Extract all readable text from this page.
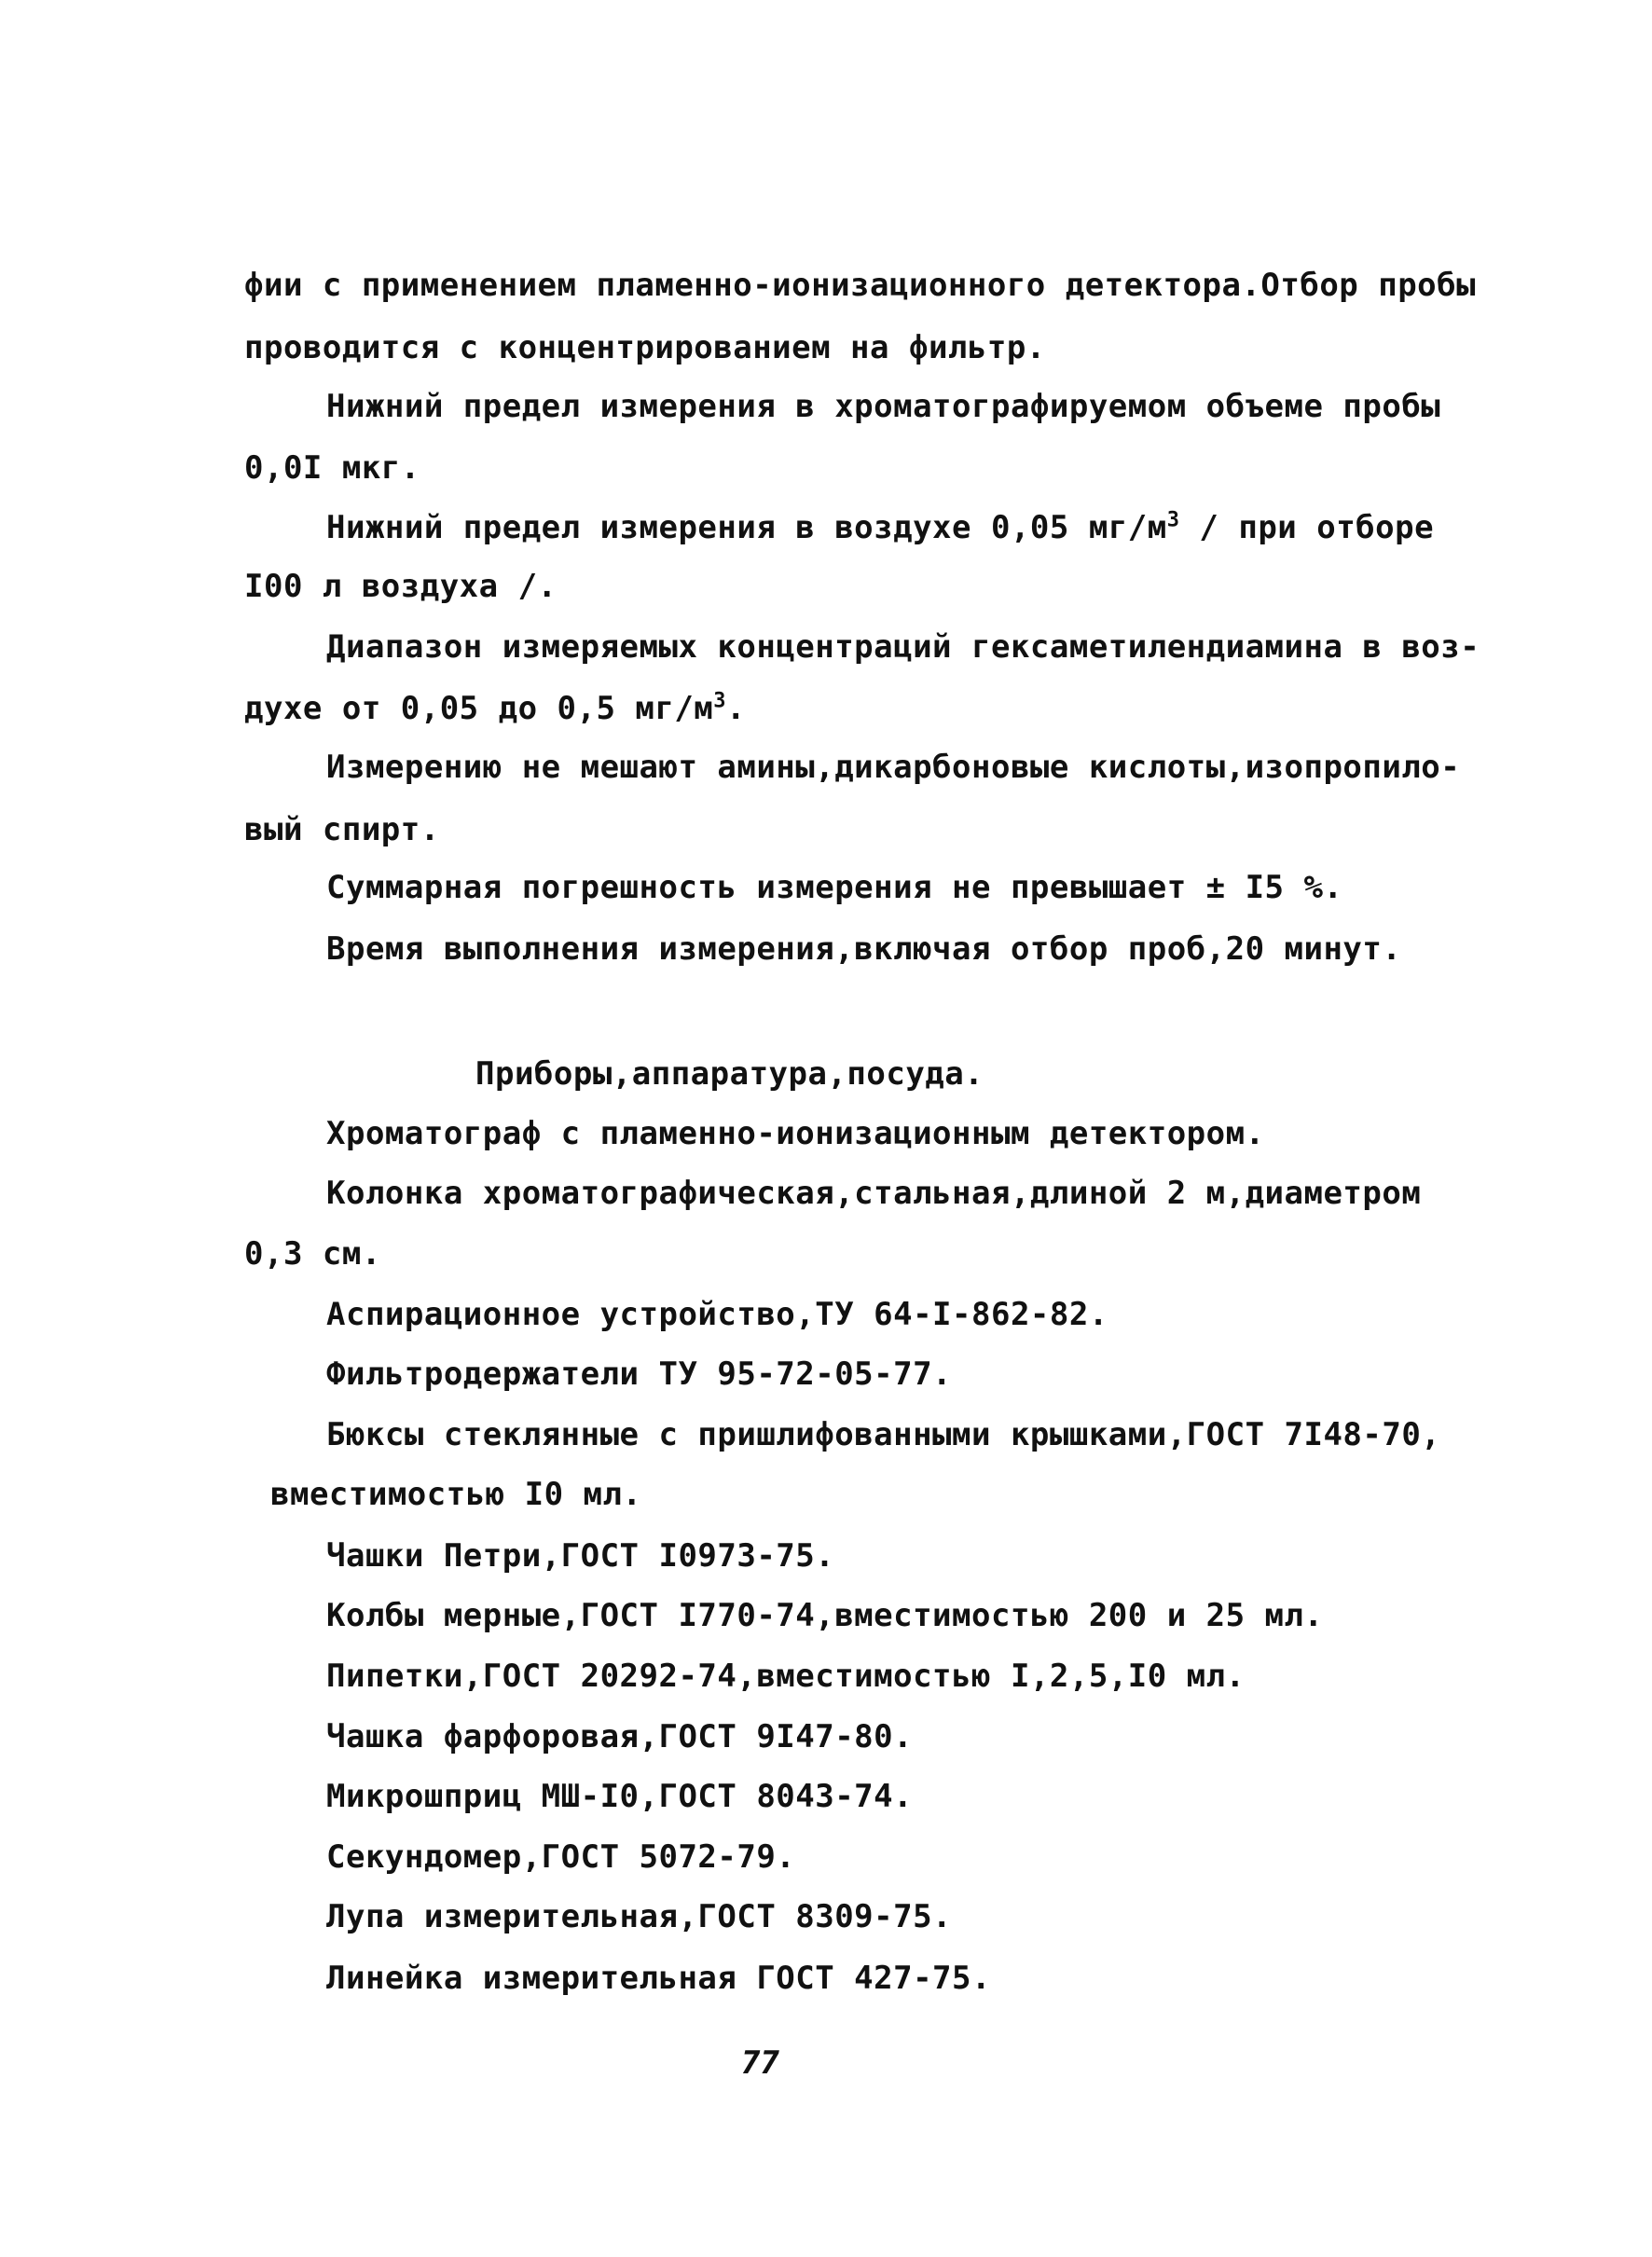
фии с применением пламенно-ионизационного детектора.Отбор пробы
проводится с концентрированием на фильтр.
Нижний предел измерения в хроматографируемом объеме пробы
0,0I мкг.
Нижний предел измерения в воздухе 0,05 $мг/м^3$ / при отборе
I00 л воздуха /.
Диапазон измеряемых концентраций гексаметилендиамина в воз-
духе от 0,05 до 0,5 $мг/м^3$.
Измерению не мешают амины,дикарбоновые кислоты,изопропило-
вый спирт.
Суммарная погрешность измерения не превышает ± I5 %.
Время выполнения измерения,включая отбор проб,20 минут.
Приборы,аппаратура,посуда.
Хроматограф с пламенно-ионизационным детектором.
Колонка хроматографическая,стальная,длиной 2 м,диаметром
0,3 см.
Аспирационное устройство,ТУ 64-I-862-82.
Фильтродержатели ТУ 95-72-05-77.
Бюксы стеклянные с пришлифованными крышками,ГОСТ 7I48-70,
вместимостью I0 мл.
Чашки Петри,ГОСТ I0973-75.
Колбы мерные,ГОСТ I770-74,вместимостью 200 и 25 мл.
Пипетки,ГОСТ 20292-74,вместимостью I,2,5,I0 мл.
Чашка фарфоровая,ГОСТ 9I47-80.
Микрошприц МШ-I0,ГОСТ 8043-74.
Секундомер,ГОСТ 5072-79.
Лупа измерительная,ГОСТ 8309-75.
Линейка измерительная ГОСТ 427-75.
77
